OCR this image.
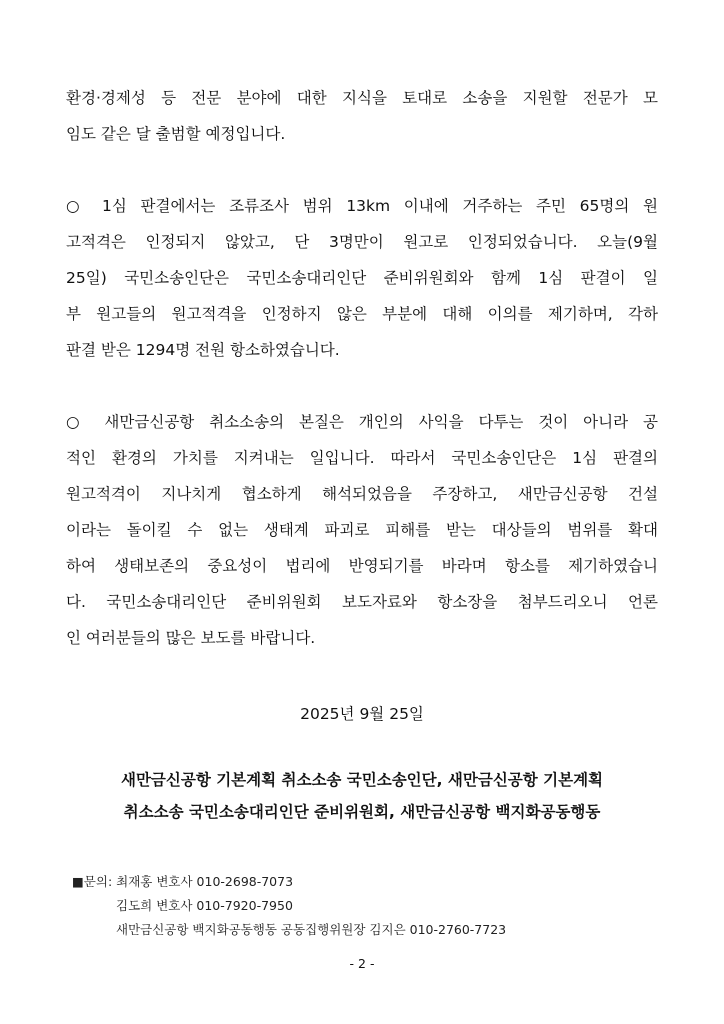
환경·경제성 등 전문 분야에 대한 지식을 토대로 소송을 지원할 전문가 모
임도 같은 달 출범할 예정입니다.
○ 1심 판결에서는 조류조사 범위 13km 이내에 거주하는 주민 65명의 원
고적격은 인정되지 않았고, 단 3명만이 원고로 인정되었습니다. 오늘(9월
25일) 국민소송인단은 국민소송대리인단 준비위원회와 함께 1심 판결이 일
부 원고들의 원고적격을 인정하지 않은 부분에 대해 이의를 제기하며, 각하
판결 받은 1294명 전원 항소하였습니다.
○ 새만금신공항 취소소송의 본질은 개인의 사익을 다투는 것이 아니라 공
적인 환경의 가치를 지켜내는 일입니다. 따라서 국민소송인단은 1심 판결의
원고적격이 지나치게 협소하게 해석되었음을 주장하고, 새만금신공항 건설
이라는 돌이킬 수 없는 생태계 파괴로 피해를 받는 대상들의 범위를 확대
하여 생태보존의 중요성이 법리에 반영되기를 바라며 항소를 제기하였습니
다. 국민소송대리인단 준비위원회 보도자료와 항소장을 첨부드리오니 언론
인 여러분들의 많은 보도를 바랍니다.

2025년 9월 25일

새만금신공항 기본계획 취소소송 국민소송인단, 새만금신공항 기본계획
취소소송 국민소송대리인단 준비위원회, 새만금신공항 백지화공동행동
■문의: 최재홍 변호사 010-2698-7073
김도희 변호사 010-7920-7950
새만금신공항 백지화공동행동 공동집행위원장 김지은 010-2760-7723

- 2 -
